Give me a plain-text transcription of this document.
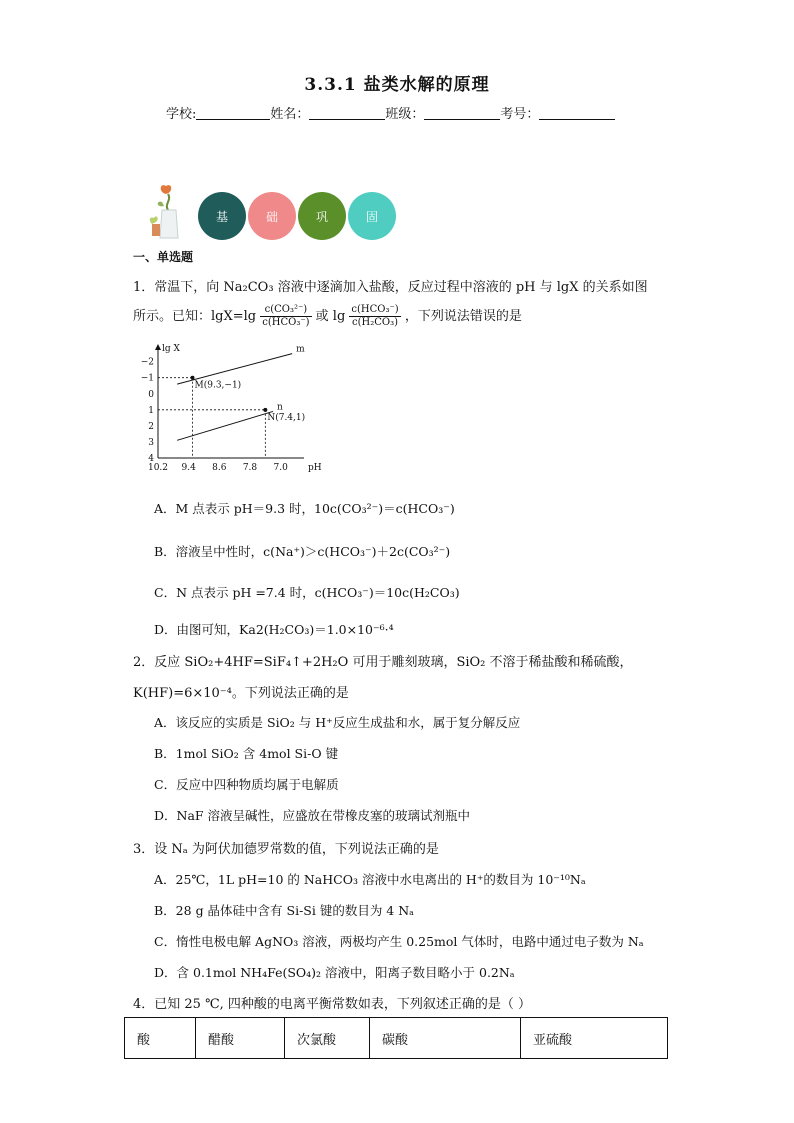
3.3.1 盐类水解的原理
学校:	姓名：	班级：	考号：
基	础	巩	固
一、单选题
1．常温下，向 Na₂CO₃ 溶液中逐滴加入盐酸，反应过程中溶液的 pH 与 lgX 的关系如图
所示。已知：$\lg X=\lg \frac{\text{c(CO₃²⁻)}}{\text{c(HCO₃⁻)}}$ 或 $\lg \frac{\text{c(HCO₃⁻)}}{\text{c(H₂CO₃)}}$ ，下列说法错误的是
lg X
pH
−2
−1
0
1
2
3
4
10.2 9.4 8.6 7.8 7.0
m
n
M(9.3,−1)
N(7.4,1)
A．M 点表示 pH＝9.3 时，10c(CO₃²⁻)＝c(HCO₃⁻)
B．溶液呈中性时，c(Na⁺)＞c(HCO₃⁻)＋2c(CO₃²⁻)
C．N 点表示 pH =7.4 时，c(HCO₃⁻)＝10c(H₂CO₃)
D．由图可知，Ka2(H₂CO₃)＝1.0×10⁻⁶·⁴
2．反应 SiO₂+4HF=SiF₄↑+2H₂O 可用于雕刻玻璃，SiO₂ 不溶于稀盐酸和稀硫酸，
K(HF)=6×10⁻⁴。下列说法正确的是
A．该反应的实质是 SiO₂ 与 H⁺反应生成盐和水，属于复分解反应
B．1mol SiO₂ 含 4mol Si-O 键
C．反应中四种物质均属于电解质
D．NaF 溶液呈碱性，应盛放在带橡皮塞的玻璃试剂瓶中
3．设 Nₐ 为阿伏加德罗常数的值，下列说法正确的是
A．25℃，1L pH=10 的 NaHCO₃ 溶液中水电离出的 H⁺的数目为 10⁻¹⁰Nₐ
B．28 g 晶体硅中含有 Si-Si 键的数目为 4 Nₐ
C．惰性电极电解 AgNO₃ 溶液，两极均产生 0.25mol 气体时，电路中通过电子数为 Nₐ
D．含 0.1mol NH₄Fe(SO₄)₂ 溶液中，阳离子数目略小于 0.2Nₐ
4．已知 25 ℃, 四种酸的电离平衡常数如表，下列叙述正确的是（ ）
酸	醋酸	次氯酸	碳酸	亚硫酸
